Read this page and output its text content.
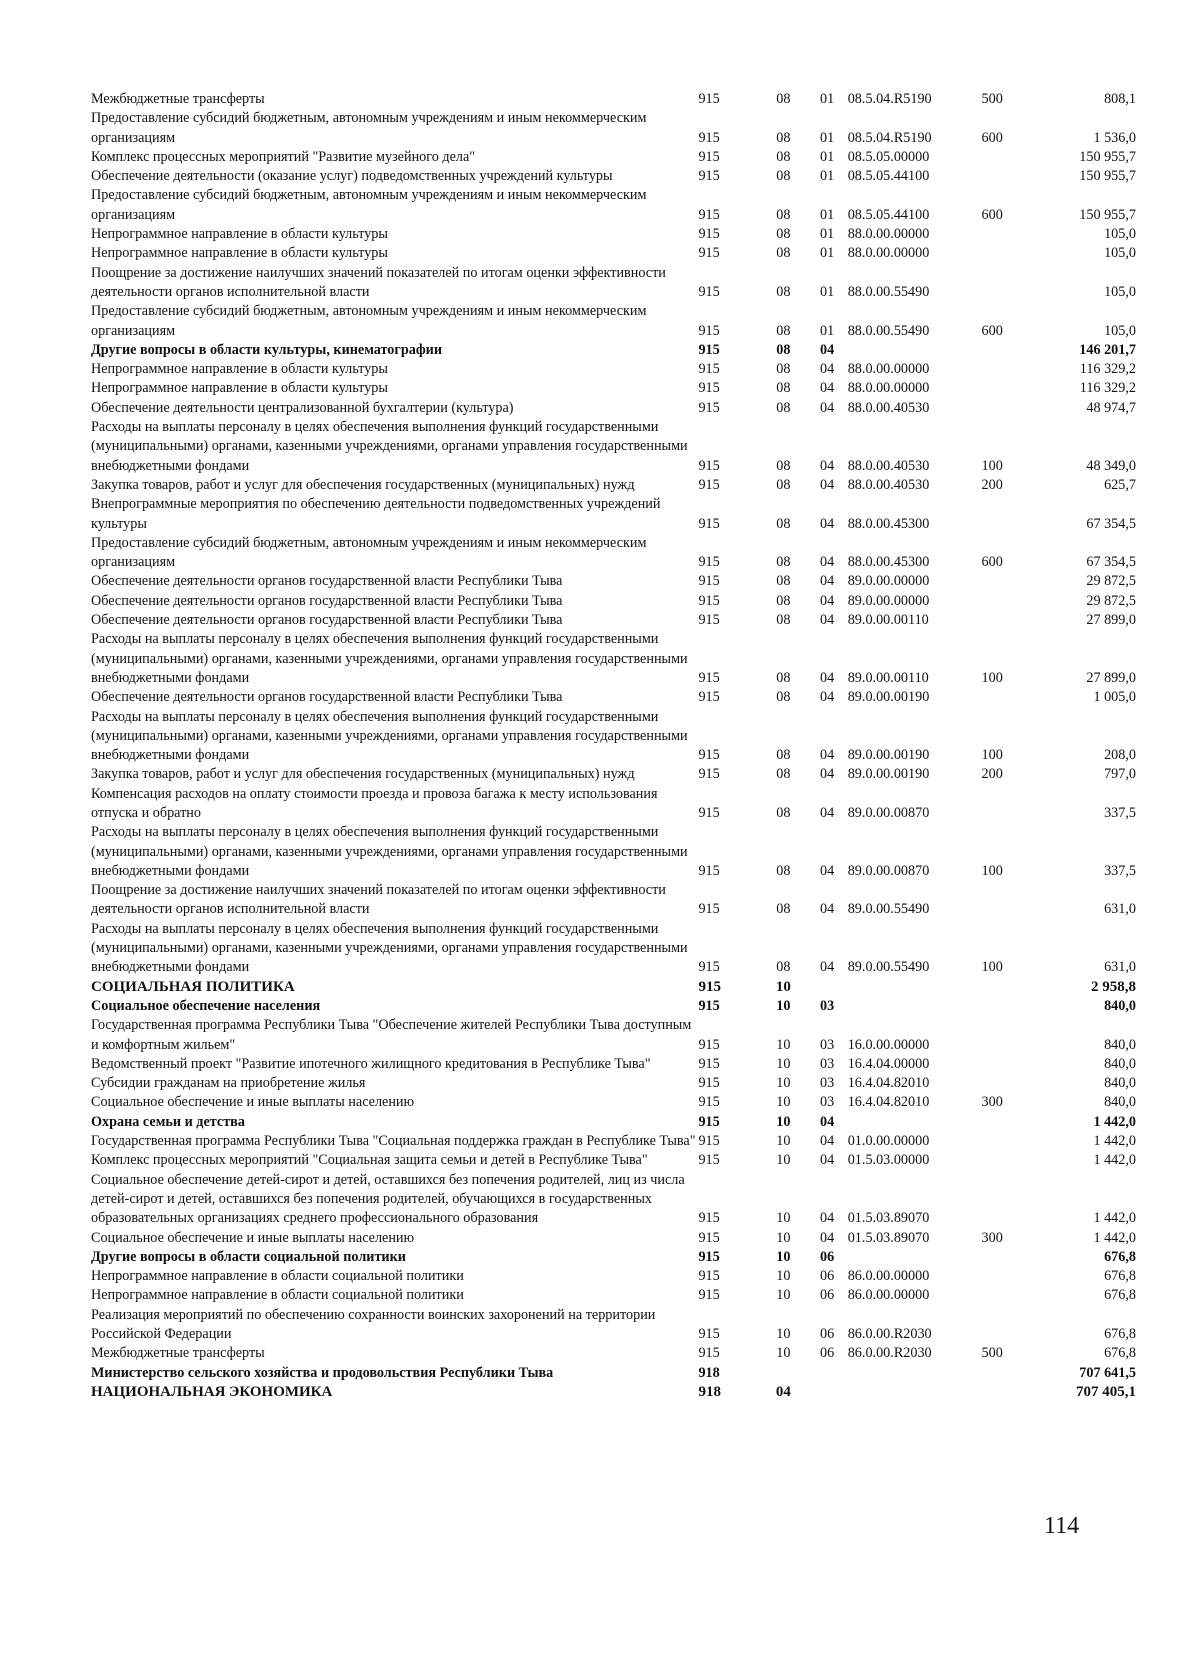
Межбюджетные трансферты	915	08	01	08.5.04.R5190	500	808,1
Предоставление субсидий бюджетным, автономным учреждениям и иным некоммерческим организациям	915	08	01	08.5.04.R5190	600	1 536,0
Комплекс процессных мероприятий "Развитие музейного дела"	915	08	01	08.5.05.00000		150 955,7
Обеспечение деятельности (оказание услуг) подведомственных учреждений культуры	915	08	01	08.5.05.44100		150 955,7
Предоставление субсидий бюджетным, автономным учреждениям и иным некоммерческим организациям	915	08	01	08.5.05.44100	600	150 955,7
Непрограммное направление в области культуры	915	08	01	88.0.00.00000		105,0
Непрограммное направление в области культуры	915	08	01	88.0.00.00000		105,0
Поощрение за достижение наилучших значений показателей по итогам оценки эффективности деятельности органов исполнительной власти	915	08	01	88.0.00.55490		105,0
Предоставление субсидий бюджетным, автономным учреждениям и иным некоммерческим организациям	915	08	01	88.0.00.55490	600	105,0
Другие вопросы в области культуры, кинематографии	915	08	04			146 201,7
Непрограммное направление в области культуры	915	08	04	88.0.00.00000		116 329,2
Непрограммное направление в области культуры	915	08	04	88.0.00.00000		116 329,2
Обеспечение деятельности централизованной бухгалтерии (культура)	915	08	04	88.0.00.40530		48 974,7
Расходы на выплаты персоналу в целях обеспечения выполнения функций государственными (муниципальными) органами, казенными учреждениями, органами управления государственными внебюджетными фондами	915	08	04	88.0.00.40530	100	48 349,0
Закупка товаров, работ и услуг для обеспечения государственных (муниципальных) нужд	915	08	04	88.0.00.40530	200	625,7
Внепрограммные мероприятия по обеспечению деятельности подведомственных учреждений культуры	915	08	04	88.0.00.45300		67 354,5
Предоставление субсидий бюджетным, автономным учреждениям и иным некоммерческим организациям	915	08	04	88.0.00.45300	600	67 354,5
Обеспечение деятельности органов государственной власти Республики Тыва	915	08	04	89.0.00.00000		29 872,5
Обеспечение деятельности органов государственной власти Республики Тыва	915	08	04	89.0.00.00000		29 872,5
Обеспечение деятельности органов государственной власти Республики Тыва	915	08	04	89.0.00.00110		27 899,0
Расходы на выплаты персоналу в целях обеспечения выполнения функций государственными (муниципальными) органами, казенными учреждениями, органами управления государственными внебюджетными фондами	915	08	04	89.0.00.00110	100	27 899,0
Обеспечение деятельности органов государственной власти Республики Тыва	915	08	04	89.0.00.00190		1 005,0
Расходы на выплаты персоналу в целях обеспечения выполнения функций государственными (муниципальными) органами, казенными учреждениями, органами управления государственными внебюджетными фондами	915	08	04	89.0.00.00190	100	208,0
Закупка товаров, работ и услуг для обеспечения государственных (муниципальных) нужд	915	08	04	89.0.00.00190	200	797,0
Компенсация расходов на оплату стоимости проезда и провоза багажа к месту использования отпуска и обратно	915	08	04	89.0.00.00870		337,5
Расходы на выплаты персоналу в целях обеспечения выполнения функций государственными (муниципальными) органами, казенными учреждениями, органами управления государственными внебюджетными фондами	915	08	04	89.0.00.00870	100	337,5
Поощрение за достижение наилучших значений показателей по итогам оценки эффективности деятельности органов исполнительной власти	915	08	04	89.0.00.55490		631,0
Расходы на выплаты персоналу в целях обеспечения выполнения функций государственными (муниципальными) органами, казенными учреждениями, органами управления государственными внебюджетными фондами	915	08	04	89.0.00.55490	100	631,0
СОЦИАЛЬНАЯ ПОЛИТИКА	915	10				2 958,8
Социальное обеспечение населения	915	10	03			840,0
Государственная программа Республики Тыва "Обеспечение жителей Республики Тыва доступным и комфортным жильем"	915	10	03	16.0.00.00000		840,0
Ведомственный проект "Развитие ипотечного жилищного кредитования в Республике Тыва"	915	10	03	16.4.04.00000		840,0
Субсидии гражданам на приобретение жилья	915	10	03	16.4.04.82010		840,0
Социальное обеспечение и иные выплаты населению	915	10	03	16.4.04.82010	300	840,0
Охрана семьи и детства	915	10	04			1 442,0
Государственная программа Республики Тыва "Социальная поддержка граждан в Республике Тыва"	915	10	04	01.0.00.00000		1 442,0
Комплекс процессных мероприятий "Социальная защита семьи и детей в Республике Тыва"	915	10	04	01.5.03.00000		1 442,0
Социальное обеспечение детей-сирот и детей, оставшихся без попечения родителей, лиц из числа детей-сирот и детей, оставшихся без попечения родителей, обучающихся в государственных образовательных организациях среднего профессионального образования	915	10	04	01.5.03.89070		1 442,0
Социальное обеспечение и иные выплаты населению	915	10	04	01.5.03.89070	300	1 442,0
Другие вопросы в области социальной политики	915	10	06			676,8
Непрограммное направление в области социальной политики	915	10	06	86.0.00.00000		676,8
Непрограммное направление в области социальной политики	915	10	06	86.0.00.00000		676,8
Реализация мероприятий по обеспечению сохранности воинских захоронений на территории Российской Федерации	915	10	06	86.0.00.R2030		676,8
Межбюджетные трансферты	915	10	06	86.0.00.R2030	500	676,8
Министерство сельского хозяйства и продовольствия Республики Тыва	918					707 641,5
НАЦИОНАЛЬНАЯ ЭКОНОМИКА	918	04				707 405,1
114
